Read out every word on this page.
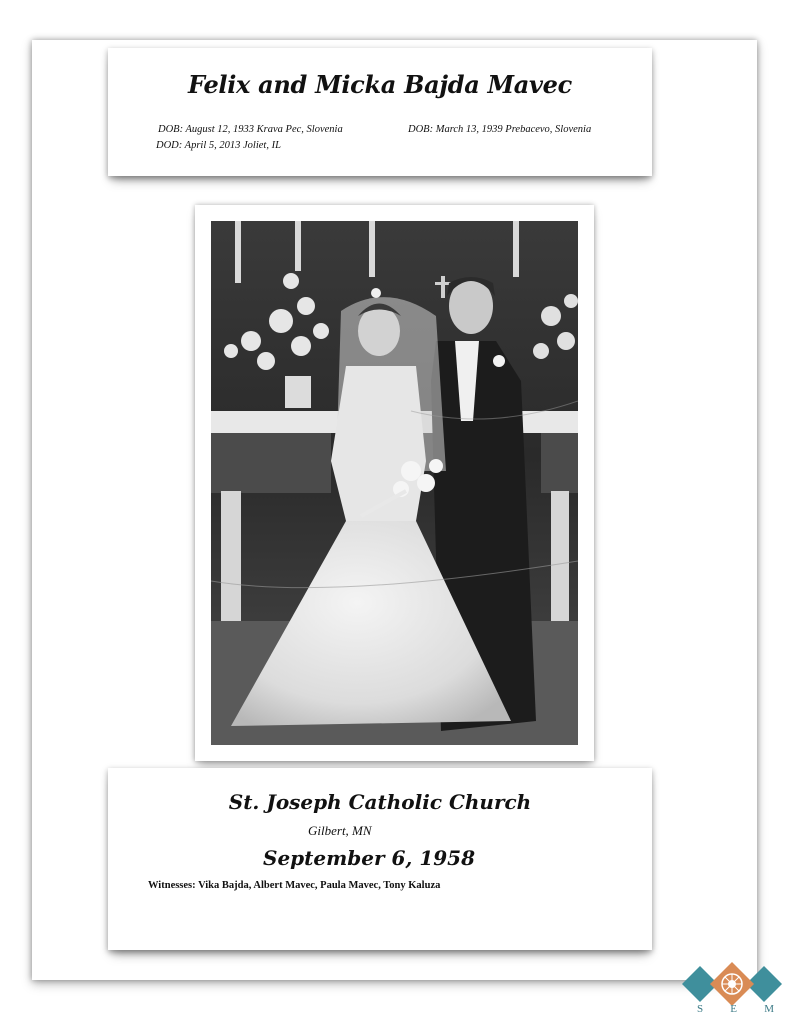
Felix and Micka Bajda Mavec
DOB: August 12, 1933 Krava Pec, Slovenia
DOD: April 5, 2013 Joliet, IL
DOB: March 13, 1939 Prebacevo, Slovenia
St. Joseph Catholic Church
Gilbert, MN
September 6, 1958
Witnesses: Vika Bajda, Albert Mavec, Paula Mavec, Tony Kaluza
S E M
